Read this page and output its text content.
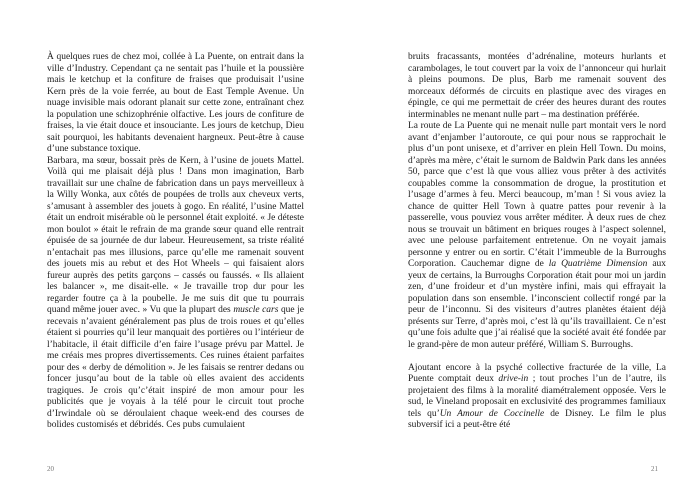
À quelques rues de chez moi, collée à La Puente, on entrait dans la ville d’Industry. Cependant ça ne sentait pas l’huile et la poussière mais le ketchup et la confiture de fraises que produisait l’usine Kern près de la voie ferrée, au bout de East Temple Avenue. Un nuage invisible mais odorant planait sur cette zone, entraînant chez la population une schizophrénie olfactive. Les jours de confiture de fraises, la vie était douce et insouciante. Les jours de ketchup, Dieu sait pourquoi, les habitants devenaient hargneux. Peut-être à cause d’une substance toxique.

Barbara, ma sœur, bossait près de Kern, à l’usine de jouets Mattel. Voilà qui me plaisait déjà plus ! Dans mon imagination, Barb travaillait sur une chaîne de fabrication dans un pays merveilleux à la Willy Wonka, aux côtés de poupées de trolls aux cheveux verts, s’amusant à assembler des jouets à gogo. En réalité, l’usine Mattel était un endroit misérable où le personnel était exploité. « Je déteste mon boulot » était le refrain de ma grande sœur quand elle rentrait épuisée de sa journée de dur labeur. Heureusement, sa triste réalité n’entachait pas mes illusions, parce qu’elle me ramenait souvent des jouets mis au rebut et des Hot Wheels – qui faisaient alors fureur auprès des petits garçons – cassés ou faussés. « Ils allaient les balancer », me disait-elle. « Je travaille trop dur pour les regarder foutre ça à la poubelle. Je me suis dit que tu pourrais quand même jouer avec. » Vu que la plupart des muscle cars que je recevais n’avaient généralement pas plus de trois roues et qu’elles étaient si pourries qu’il leur manquait des portières ou l’intérieur de l’habitacle, il était difficile d’en faire l’usage prévu par Mattel. Je me créais mes propres divertissements. Ces ruines étaient parfaites pour des « derby de démolition ». Je les faisais se rentrer dedans ou foncer jusqu’au bout de la table où elles avaient des accidents tragiques. Je crois qu’c’était inspiré de mon amour pour les publicités que je voyais à la télé pour le circuit tout proche d’Irwindale où se déroulaient chaque week-end des courses de bolides customisés et débridés. Ces pubs cumulaient

20

bruits fracassants, montées d’adrénaline, moteurs hurlants et carambolages, le tout couvert par la voix de l’annonceur qui hurlait à pleins poumons. De plus, Barb me ramenait souvent des morceaux déformés de circuits en plastique avec des virages en épingle, ce qui me permettait de créer des heures durant des routes interminables ne menant nulle part – ma destination préférée.

La route de La Puente qui ne menait nulle part montait vers le nord avant d’enjamber l’autoroute, ce qui pour nous se rapprochait le plus d’un pont unisexe, et d’arriver en plein Hell Town. Du moins, d’après ma mère, c’était le surnom de Baldwin Park dans les années 50, parce que c’est là que vous alliez vous prêter à des activités coupables comme la consommation de drogue, la prostitution et l’usage d’armes à feu. Merci beaucoup, m’man ! Si vous aviez la chance de quitter Hell Town à quatre pattes pour revenir à la passerelle, vous pouviez vous arrêter méditer. À deux rues de chez nous se trouvait un bâtiment en briques rouges à l’aspect solennel, avec une pelouse parfaitement entretenue. On ne voyait jamais personne y entrer ou en sortir. C’était l’immeuble de la Burroughs Corporation. Cauchemar digne de la Quatrième Dimension aux yeux de certains, la Burroughs Corporation était pour moi un jardin zen, d’une froideur et d’un mystère infini, mais qui effrayait la population dans son ensemble. l’inconscient collectif rongé par la peur de l’inconnu. Si des visiteurs d’autres planètes étaient déjà présents sur Terre, d’après moi, c’est là qu’ils travaillaient. Ce n’est qu’une fois adulte que j’ai réalisé que la société avait été fondée par le grand-père de mon auteur préféré, William S. Burroughs.

Ajoutant encore à la psyché collective fracturée de la ville, La Puente comptait deux drive-in ; tout proches l’un de l’autre, ils projetaient des films à la moralité diamétralement opposée. Vers le sud, le Vineland proposait en exclusivité des programmes familiaux tels qu’Un Amour de Coccinelle de Disney. Le film le plus subversif ici a peut-être été

21
